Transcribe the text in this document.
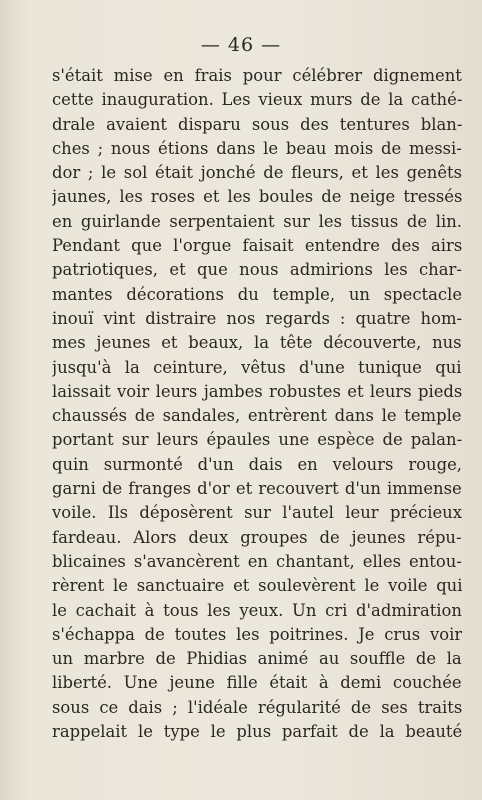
— 46 —
s'était mise en frais pour célébrer dignement
cette inauguration. Les vieux murs de la cathé-
drale avaient disparu sous des tentures blan-
ches ; nous étions dans le beau mois de messi-
dor ; le sol était jonché de fleurs, et les genêts
jaunes, les roses et les boules de neige tressés
en guirlande serpentaient sur les tissus de lin.
Pendant que l'orgue faisait entendre des airs
patriotiques, et que nous admirions les char-
mantes décorations du temple, un spectacle
inouï vint distraire nos regards : quatre hom-
mes jeunes et beaux, la tête découverte, nus
jusqu'à la ceinture, vêtus d'une tunique qui
laissait voir leurs jambes robustes et leurs pieds
chaussés de sandales, entrèrent dans le temple
portant sur leurs épaules une espèce de palan-
quin surmonté d'un dais en velours rouge,
garni de franges d'or et recouvert d'un immense
voile. Ils déposèrent sur l'autel leur précieux
fardeau. Alors deux groupes de jeunes répu-
blicaines s'avancèrent en chantant, elles entou-
rèrent le sanctuaire et soulevèrent le voile qui
le cachait à tous les yeux. Un cri d'admiration
s'échappa de toutes les poitrines. Je crus voir
un marbre de Phidias animé au souffle de la
liberté. Une jeune fille était à demi couchée
sous ce dais ; l'idéale régularité de ses traits
rappelait le type le plus parfait de la beauté
